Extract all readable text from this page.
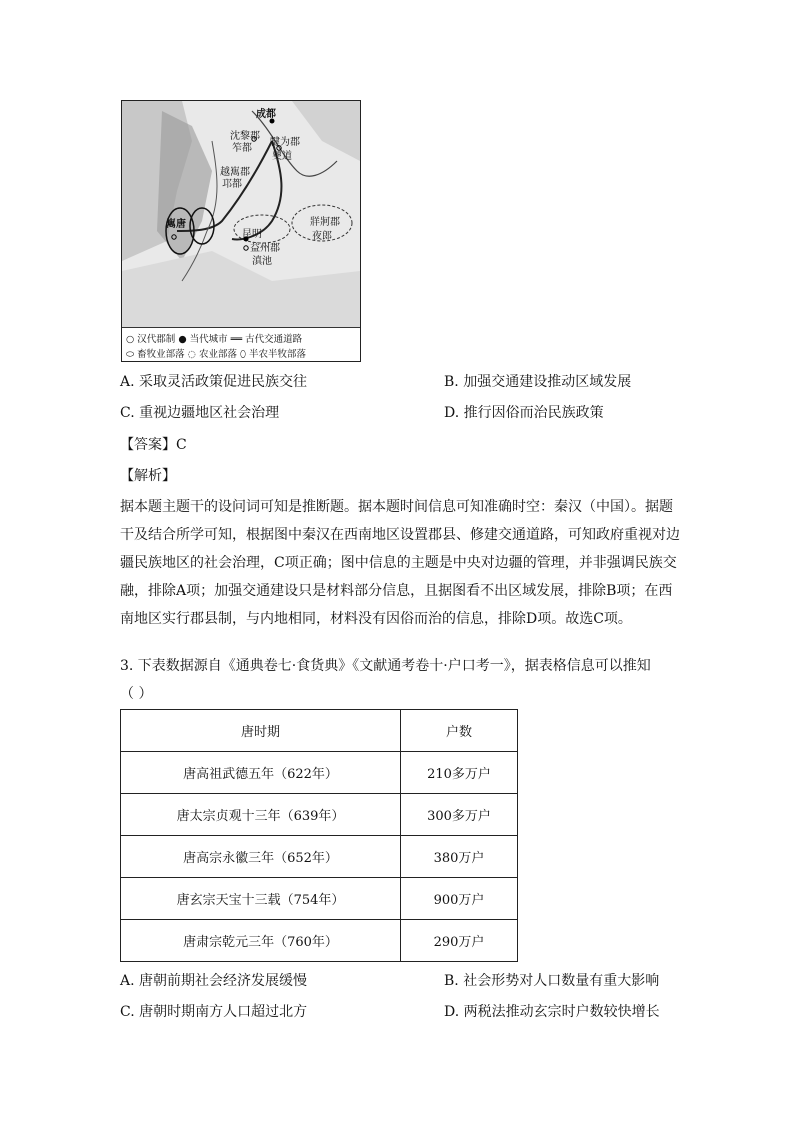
成都
沈黎郡
笮都
犍为郡
僰道
越嶲郡
邛都
嶲唐
昆明
益州郡
滇池
牂牁郡
夜郎
○ 汉代郡制 ● 当代城市 ══ 古代交通道路
⬭ 畜牧业部落 ◌ 农业部落 ⬯ 半农半牧部落
A. 采取灵活政策促进民族交往	B. 加强交通建设推动区域发展
C. 重视边疆地区社会治理	D. 推行因俗而治民族政策
【答案】C
【解析】
据本题主题干的设问词可知是推断题。据本题时间信息可知准确时空：秦汉（中国）。据题干及结合所学可知，根据图中秦汉在西南地区设置郡县、修建交通道路，可知政府重视对边疆民族地区的社会治理，C项正确；图中信息的主题是中央对边疆的管理，并非强调民族交融，排除A项；加强交通建设只是材料部分信息，且据图看不出区域发展，排除B项；在西南地区实行郡县制，与内地相同，材料没有因俗而治的信息，排除D项。故选C项。
3. 下表数据源自《通典卷七·食货典》《文献通考卷十·户口考一》，据表格信息可以推知
（ ）
唐时期	户数
唐高祖武德五年（622年）	210多万户
唐太宗贞观十三年（639年）	300多万户
唐高宗永徽三年（652年）	380万户
唐玄宗天宝十三载（754年）	900万户
唐肃宗乾元三年（760年）	290万户
A. 唐朝前期社会经济发展缓慢	B. 社会形势对人口数量有重大影响
C. 唐朝时期南方人口超过北方	D. 两税法推动玄宗时户数较快增长
